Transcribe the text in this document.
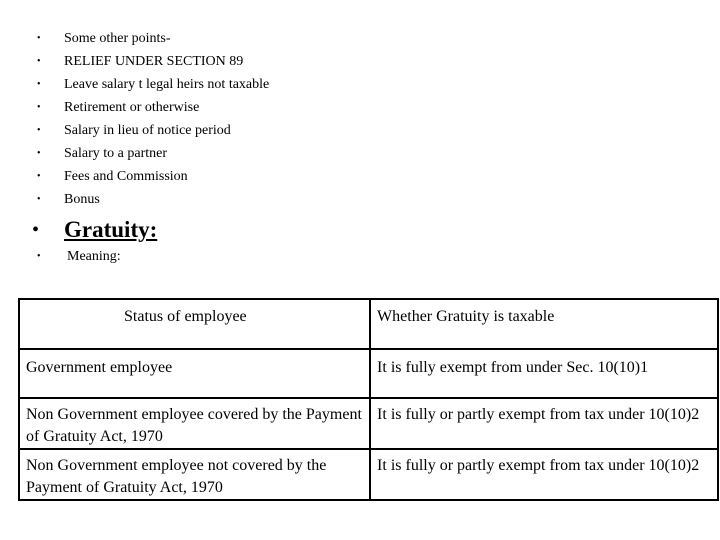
• Some other points-
• RELIEF UNDER SECTION 89
• Leave salary t legal heirs not taxable
• Retirement or otherwise
• Salary in lieu of notice period
• Salary to a partner
• Fees and Commission
• Bonus
• Gratuity:
• Meaning:
Status of employee	Whether Gratuity is taxable
Government employee	It is fully exempt from under Sec. 10(10)1
Non Government employee covered by the Payment of Gratuity Act, 1970	It is fully or partly exempt from tax under 10(10)2
Non Government employee not covered by the Payment of Gratuity Act, 1970	It is fully or partly exempt from tax under 10(10)2
